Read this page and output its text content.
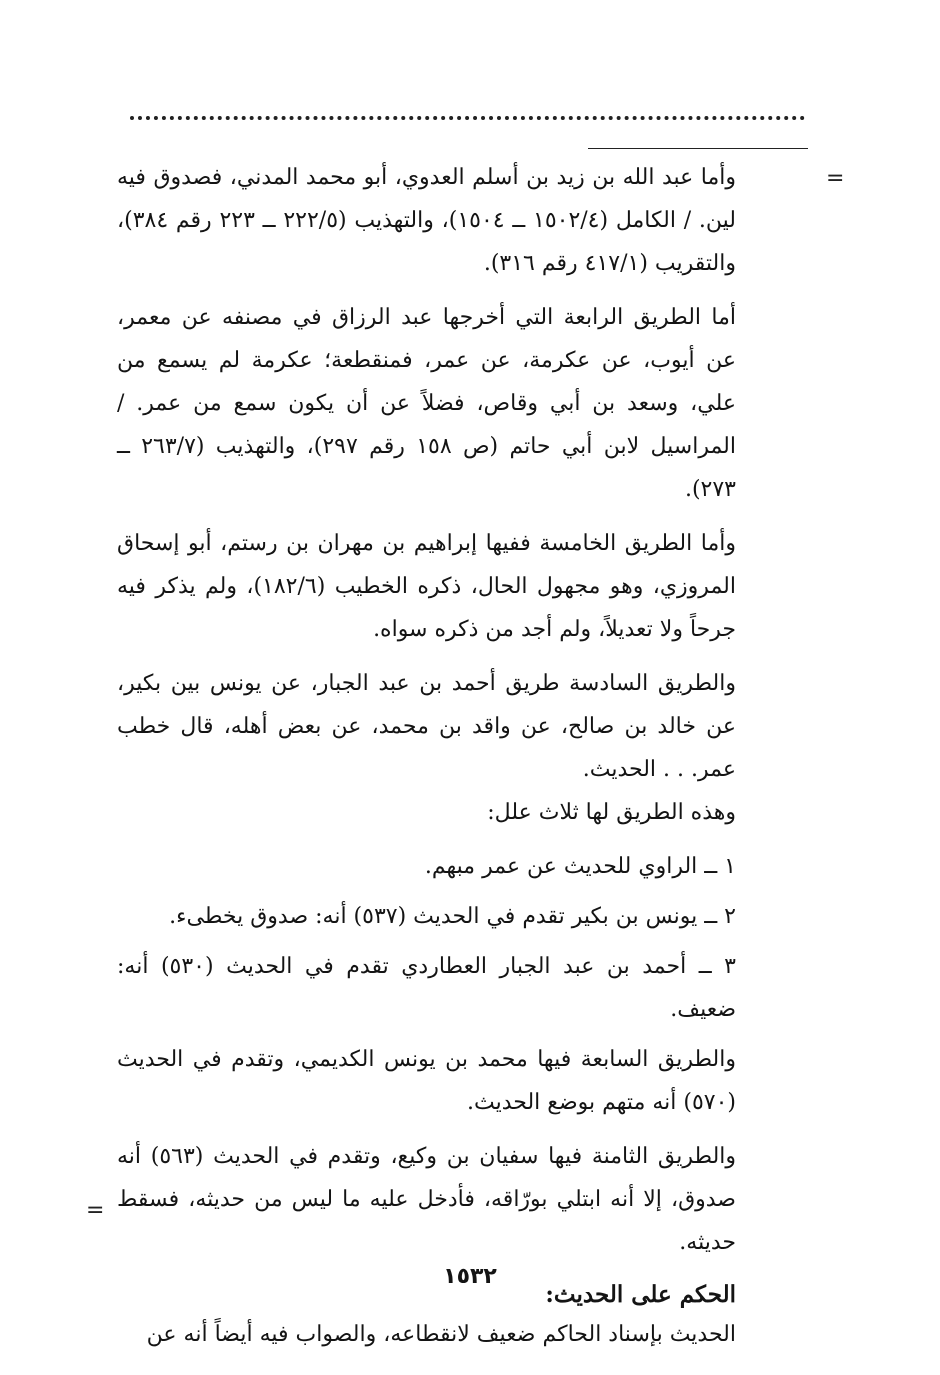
=

وأما عبد الله بن زيد بن أسلم العدوي، أبو محمد المدني، فصدوق فيه لين. / الكامل (١٥٠٢/٤ ــ ١٥٠٤)، والتهذيب (٢٢٢/٥ ــ ٢٢٣ رقم ٣٨٤)، والتقريب (٤١٧/١ رقم ٣١٦).

أما الطريق الرابعة التي أخرجها عبد الرزاق في مصنفه عن معمر، عن أيوب، عن عكرمة، عن عمر، فمنقطعة؛ عكرمة لم يسمع من علي، وسعد بن أبي وقاص، فضلاً عن أن يكون سمع من عمر. / المراسيل لابن أبي حاتم (ص ١٥٨ رقم ٢٩٧)، والتهذيب (٢٦٣/٧ ــ ٢٧٣).

وأما الطريق الخامسة ففيها إبراهيم بن مهران بن رستم، أبو إسحاق المروزي، وهو مجهول الحال، ذكره الخطيب (١٨٢/٦)، ولم يذكر فيه جرحاً ولا تعديلاً، ولم أجد من ذكره سواه.

والطريق السادسة طريق أحمد بن عبد الجبار، عن يونس بين بكير، عن خالد بن صالح، عن واقد بن محمد، عن بعض أهله، قال خطب عمر. . . الحديث.

وهذه الطريق لها ثلاث علل:

١ ــ الراوي للحديث عن عمر مبهم.

٢ ــ يونس بن بكير تقدم في الحديث (٥٣٧) أنه: صدوق يخطىء.

٣ ــ أحمد بن عبد الجبار العطاردي تقدم في الحديث (٥٣٠) أنه: ضعيف.

والطريق السابعة فيها محمد بن يونس الكديمي، وتقدم في الحديث (٥٧٠) أنه متهم بوضع الحديث.

والطريق الثامنة فيها سفيان بن وكيع، وتقدم في الحديث (٥٦٣) أنه صدوق، إلا أنه ابتلي بورّاقه، فأدخل عليه ما ليس من حديثه، فسقط حديثه.

الحكم على الحديث:

الحديث بإسناد الحاكم ضعيف لانقطاعه، والصواب فيه أيضاً أنه عن

=
١٥٣٢
